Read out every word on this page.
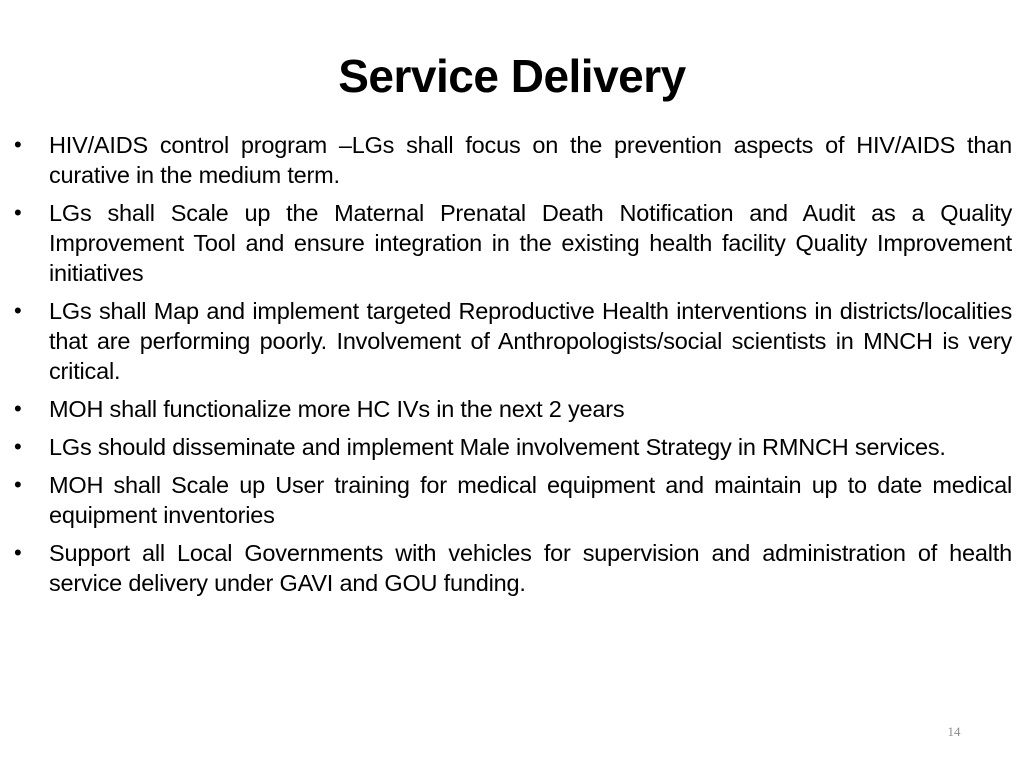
Service Delivery
•	HIV/AIDS control program –LGs shall focus on the prevention aspects of HIV/AIDS than curative in the medium term.
•	LGs shall Scale up the Maternal Prenatal Death Notification and Audit as a Quality Improvement Tool and ensure integration in the existing health facility Quality Improvement initiatives
•	LGs shall Map and implement targeted Reproductive Health interventions in districts/localities that are performing poorly. Involvement of Anthropologists/social scientists in MNCH is very critical.
•	MOH shall functionalize more HC IVs in the next 2 years
•	LGs should disseminate and implement Male involvement Strategy in RMNCH services.
•	MOH shall Scale up User training for medical equipment and maintain up to date medical equipment inventories
•	Support all Local Governments with vehicles for supervision and administration of health service delivery under GAVI and GOU funding.
14
